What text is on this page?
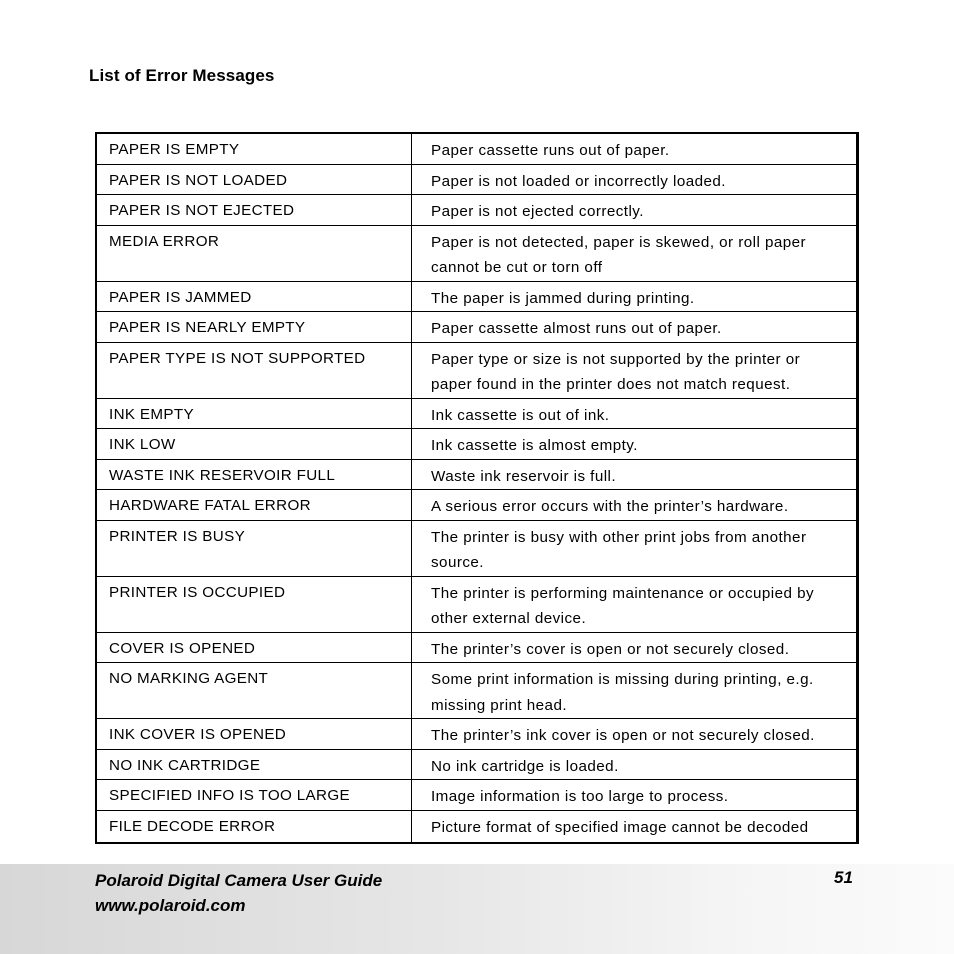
List of Error Messages
PAPER IS EMPTY	Paper cassette runs out of paper.
PAPER IS NOT LOADED	Paper is not loaded or incorrectly loaded.
PAPER IS NOT EJECTED	Paper is not ejected correctly.
MEDIA ERROR	Paper is not detected, paper is skewed, or roll paper cannot be cut or torn off
PAPER IS JAMMED	The paper is jammed during printing.
PAPER IS NEARLY EMPTY	Paper cassette almost runs out of paper.
PAPER TYPE IS NOT SUPPORTED	Paper type or size is not supported by the printer or paper found in the printer does not match request.
INK EMPTY	Ink cassette is out of ink.
INK LOW	Ink cassette is almost empty.
WASTE INK RESERVOIR FULL	Waste ink reservoir is full.
HARDWARE FATAL ERROR	A serious error occurs with the printer’s hardware.
PRINTER IS BUSY	The printer is busy with other print jobs from another source.
PRINTER IS OCCUPIED	The printer is performing maintenance or occupied by other external device.
COVER IS OPENED	The printer’s cover is open or not securely closed.
NO MARKING AGENT	Some print information is missing during printing, e.g. missing print head.
INK COVER IS OPENED	The printer’s ink cover is open or not securely closed.
NO INK CARTRIDGE	No ink cartridge is loaded.
SPECIFIED INFO IS TOO LARGE	Image information is too large to process.
FILE DECODE ERROR	Picture format of specified image cannot be decoded
Polaroid Digital Camera User Guide
www.polaroid.com
51
